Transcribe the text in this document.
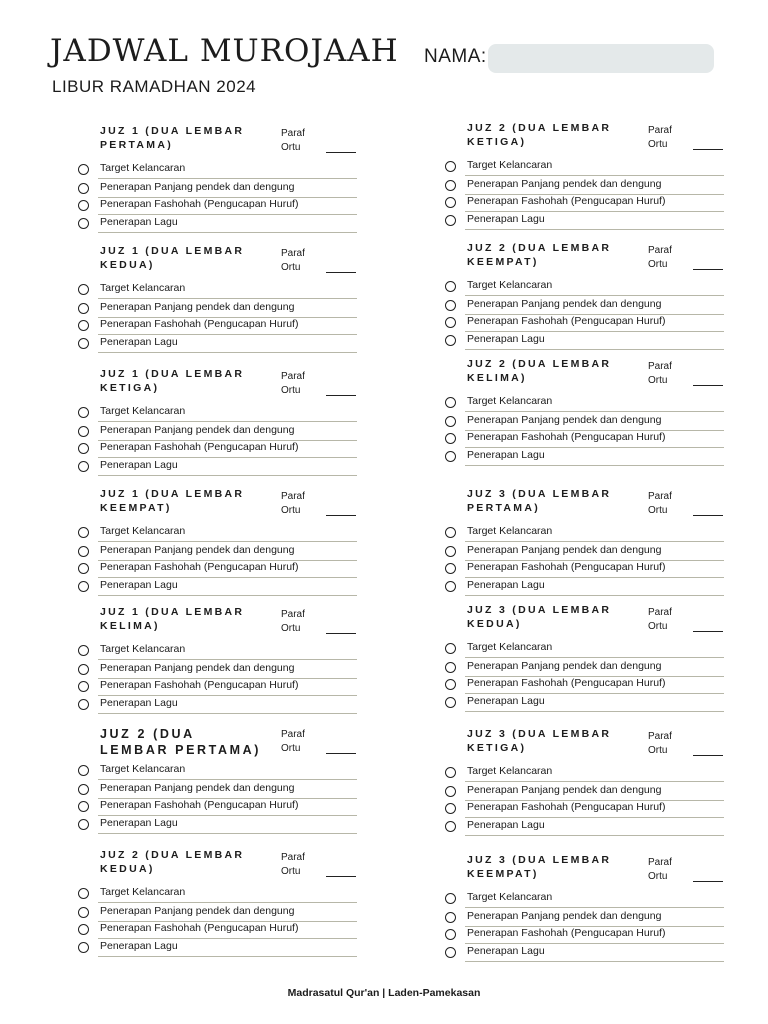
JADWAL MUROJAAH
LIBUR RAMADHAN 2024
NAMA:
JUZ 1 (DUA LEMBAR PERTAMA)
Paraf
Ortu
Target Kelancaran
Penerapan Panjang pendek dan dengung
Penerapan Fashohah (Pengucapan Huruf)
Penerapan Lagu
JUZ 1 (DUA LEMBAR KEDUA)
Paraf
Ortu
Target Kelancaran
Penerapan Panjang pendek dan dengung
Penerapan Fashohah (Pengucapan Huruf)
Penerapan Lagu
JUZ 1 (DUA LEMBAR KETIGA)
Paraf
Ortu
Target Kelancaran
Penerapan Panjang pendek dan dengung
Penerapan Fashohah (Pengucapan Huruf)
Penerapan Lagu
JUZ 1 (DUA LEMBAR KEEMPAT)
Paraf
Ortu
Target Kelancaran
Penerapan Panjang pendek dan dengung
Penerapan Fashohah (Pengucapan Huruf)
Penerapan Lagu
JUZ 1 (DUA LEMBAR KELIMA)
Paraf
Ortu
Target Kelancaran
Penerapan Panjang pendek dan dengung
Penerapan Fashohah (Pengucapan Huruf)
Penerapan Lagu
JUZ 2 (DUA LEMBAR PERTAMA)
Paraf
Ortu
Target Kelancaran
Penerapan Panjang pendek dan dengung
Penerapan Fashohah (Pengucapan Huruf)
Penerapan Lagu
JUZ 2 (DUA LEMBAR KEDUA)
Paraf
Ortu
Target Kelancaran
Penerapan Panjang pendek dan dengung
Penerapan Fashohah (Pengucapan Huruf)
Penerapan Lagu
JUZ 2 (DUA LEMBAR KETIGA)
Paraf
Ortu
Target Kelancaran
Penerapan Panjang pendek dan dengung
Penerapan Fashohah (Pengucapan Huruf)
Penerapan Lagu
JUZ 2 (DUA LEMBAR KEEMPAT)
Paraf
Ortu
Target Kelancaran
Penerapan Panjang pendek dan dengung
Penerapan Fashohah (Pengucapan Huruf)
Penerapan Lagu
JUZ 2 (DUA LEMBAR KELIMA)
Paraf
Ortu
Target Kelancaran
Penerapan Panjang pendek dan dengung
Penerapan Fashohah (Pengucapan Huruf)
Penerapan Lagu
JUZ 3 (DUA LEMBAR PERTAMA)
Paraf
Ortu
Target Kelancaran
Penerapan Panjang pendek dan dengung
Penerapan Fashohah (Pengucapan Huruf)
Penerapan Lagu
JUZ 3 (DUA LEMBAR KEDUA)
Paraf
Ortu
Target Kelancaran
Penerapan Panjang pendek dan dengung
Penerapan Fashohah (Pengucapan Huruf)
Penerapan Lagu
JUZ 3 (DUA LEMBAR KETIGA)
Paraf
Ortu
Target Kelancaran
Penerapan Panjang pendek dan dengung
Penerapan Fashohah (Pengucapan Huruf)
Penerapan Lagu
JUZ 3 (DUA LEMBAR KEEMPAT)
Paraf
Ortu
Target Kelancaran
Penerapan Panjang pendek dan dengung
Penerapan Fashohah (Pengucapan Huruf)
Penerapan Lagu
Madrasatul Qur'an | Laden-Pamekasan
